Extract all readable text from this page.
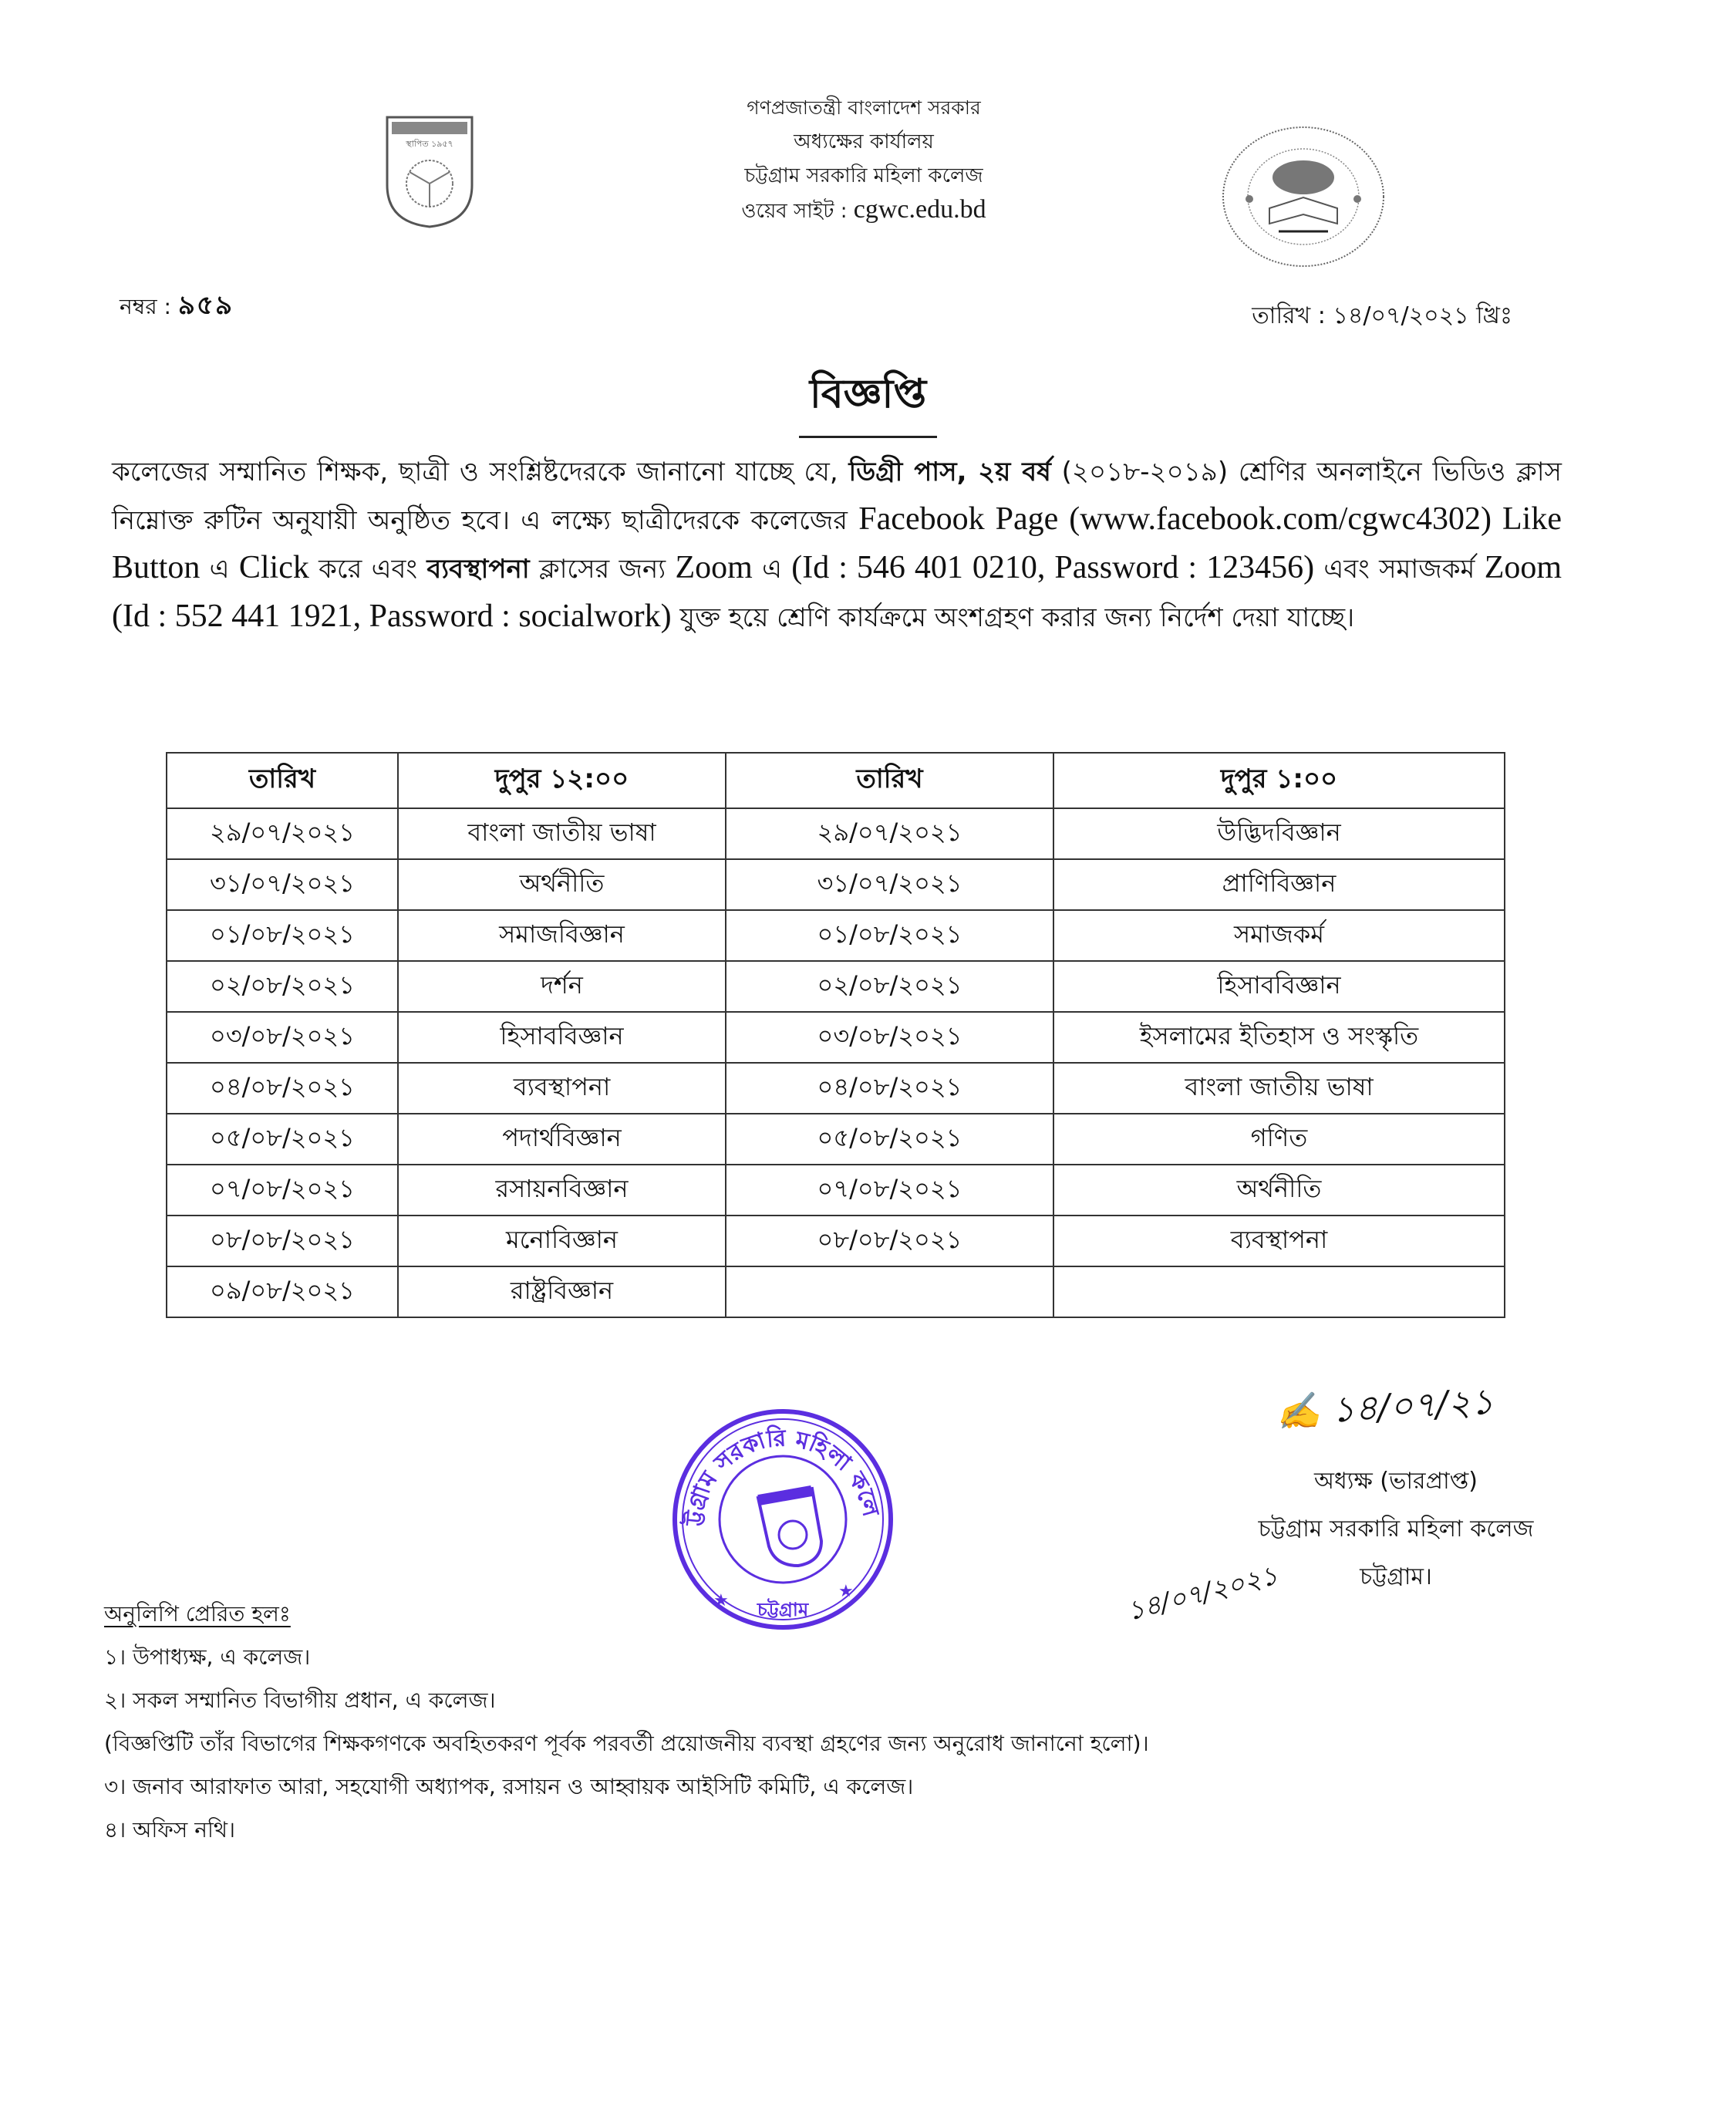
স্থাপিত ১৯৫৭
গণপ্রজাতন্ত্রী বাংলাদেশ সরকার
অধ্যক্ষের কার্যালয়
চট্টগ্রাম সরকারি মহিলা কলেজ
ওয়েব সাইট : cgwc.edu.bd
নম্বর : ৯৫৯	তারিখ : ১৪/০৭/২০২১ খ্রিঃ
বিজ্ঞপ্তি
কলেজের সম্মানিত শিক্ষক, ছাত্রী ও সংশ্লিষ্টদেরকে জানানো যাচ্ছে যে, ডিগ্রী পাস, ২য় বর্ষ (২০১৮-২০১৯) শ্রেণির অনলাইনে ভিডিও ক্লাস নিম্নোক্ত রুটিন অনুযায়ী অনুষ্ঠিত হবে। এ লক্ষ্যে ছাত্রীদেরকে কলেজের Facebook Page (www.facebook.com/cgwc4302) Like Button এ Click করে এবং ব্যবস্থাপনা ক্লাসের জন্য Zoom এ (Id : 546 401 0210, Password : 123456) এবং সমাজকর্ম Zoom (Id : 552 441 1921, Password : socialwork) যুক্ত হয়ে শ্রেণি কার্যক্রমে অংশগ্রহণ করার জন্য নির্দেশ দেয়া যাচ্ছে।
তারিখ	দুপুর ১২:০০	তারিখ	দুপুর ১:০০
২৯/০৭/২০২১	বাংলা জাতীয় ভাষা	২৯/০৭/২০২১	উদ্ভিদবিজ্ঞান
৩১/০৭/২০২১	অর্থনীতি	৩১/০৭/২০২১	প্রাণিবিজ্ঞান
০১/০৮/২০২১	সমাজবিজ্ঞান	০১/০৮/২০২১	সমাজকর্ম
০২/০৮/২০২১	দর্শন	০২/০৮/২০২১	হিসাববিজ্ঞান
০৩/০৮/২০২১	হিসাববিজ্ঞান	০৩/০৮/২০২১	ইসলামের ইতিহাস ও সংস্কৃতি
০৪/০৮/২০২১	ব্যবস্থাপনা	০৪/০৮/২০২১	বাংলা জাতীয় ভাষা
০৫/০৮/২০২১	পদার্থবিজ্ঞান	০৫/০৮/২০২১	গণিত
০৭/০৮/২০২১	রসায়নবিজ্ঞান	০৭/০৮/২০২১	অর্থনীতি
০৮/০৮/২০২১	মনোবিজ্ঞান	০৮/০৮/২০২১	ব্যবস্থাপনা
০৯/০৮/২০২১	রাষ্ট্রবিজ্ঞান		
ট্টগ্রাম সরকারি মহিলা কলে
চট্টগ্রাম
★	★
✍ ১৪/০৭/২১
অধ্যক্ষ (ভারপ্রাপ্ত)
চট্টগ্রাম সরকারি মহিলা কলেজ
চট্টগ্রাম।
১৪/০৭/২০২১
অনুলিপি প্রেরিত হলঃ
১। উপাধ্যক্ষ, এ কলেজ।
২। সকল সম্মানিত বিভাগীয় প্রধান, এ কলেজ।
(বিজ্ঞপ্তিটি তাঁর বিভাগের শিক্ষকগণকে অবহিতকরণ পূর্বক পরবর্তী প্রয়োজনীয় ব্যবস্থা গ্রহণের জন্য অনুরোধ জানানো হলো)।
৩। জনাব আরাফাত আরা, সহযোগী অধ্যাপক, রসায়ন ও আহ্বায়ক আইসিটি কমিটি, এ কলেজ।
৪। অফিস নথি।
